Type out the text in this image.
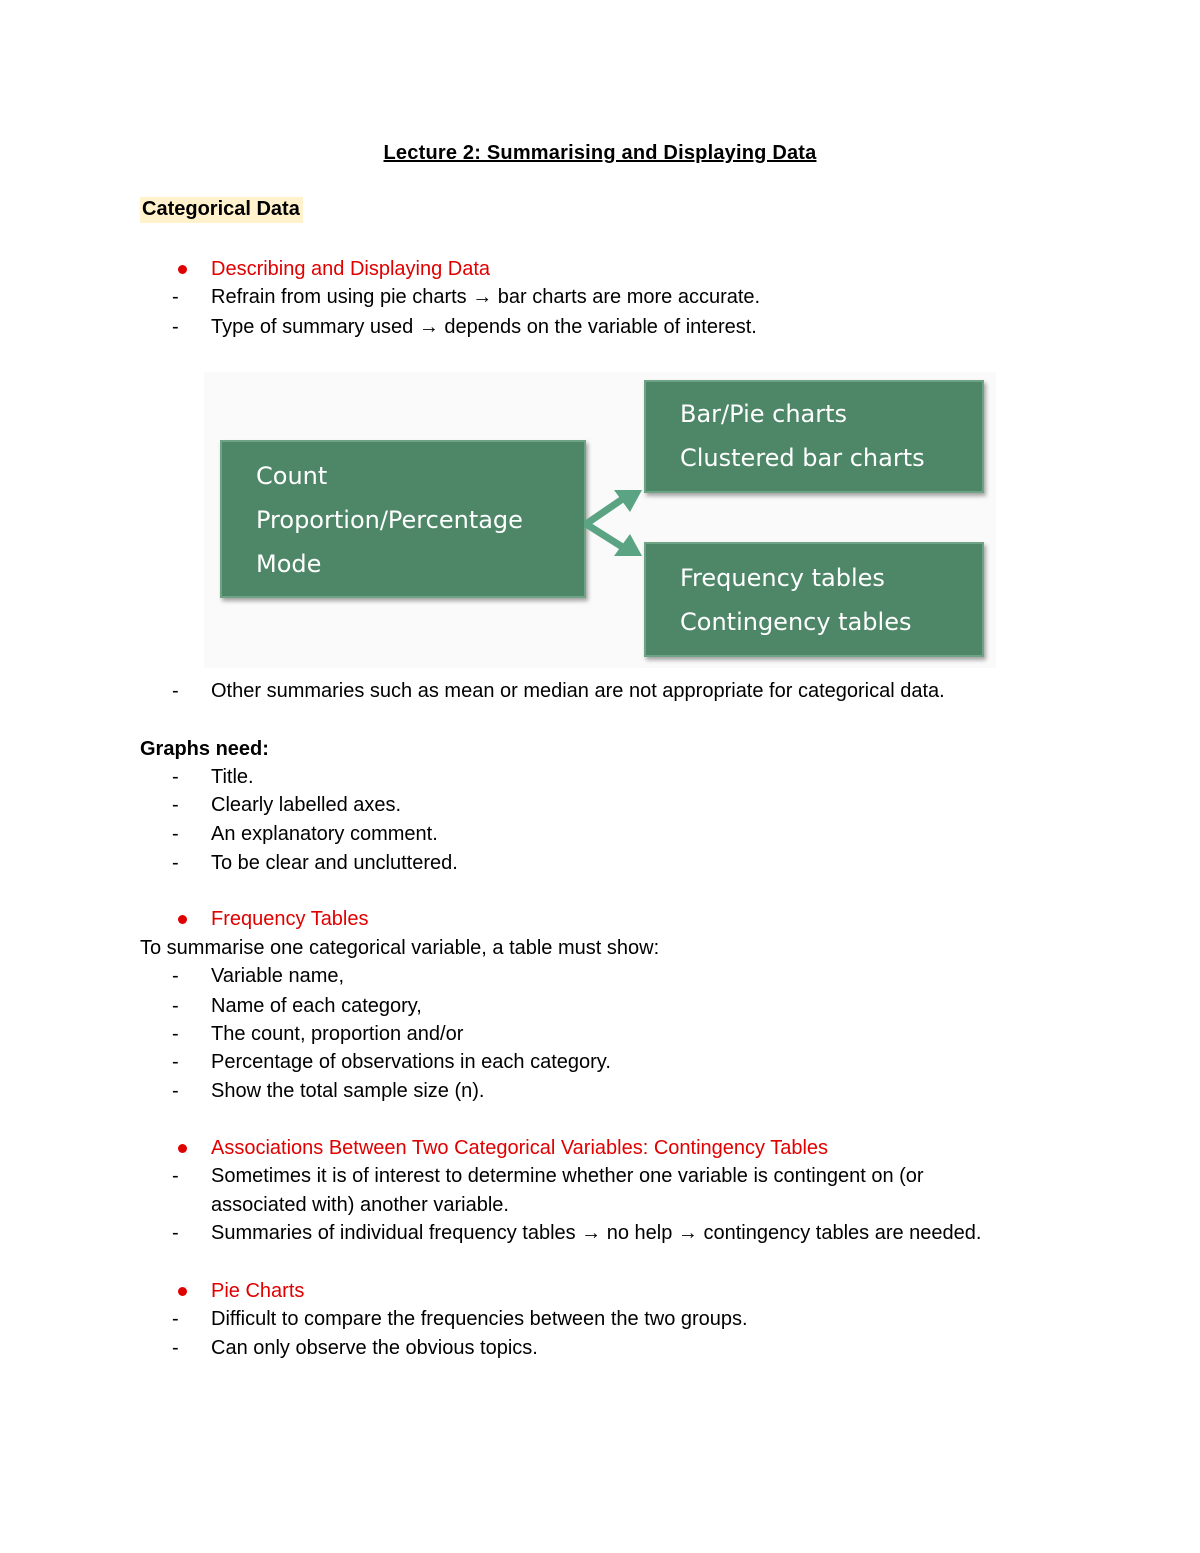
Lecture 2: Summarising and Displaying Data
Categorical Data
Describing and Displaying Data
- Refrain from using pie charts → bar charts are more accurate.
- Type of summary used → depends on the variable of interest.
Count
Proportion/Percentage
Mode
Bar/Pie charts
Clustered bar charts
Frequency tables
Contingency tables
- Other summaries such as mean or median are not appropriate for categorical data.
Graphs need:
- Title.
- Clearly labelled axes.
- An explanatory comment.
- To be clear and uncluttered.
Frequency Tables
To summarise one categorical variable, a table must show:
- Variable name,
- Name of each category,
- The count, proportion and/or
- Percentage of observations in each category.
- Show the total sample size (n).
Associations Between Two Categorical Variables: Contingency Tables
- Sometimes it is of interest to determine whether one variable is contingent on (or
associated with) another variable.
- Summaries of individual frequency tables → no help → contingency tables are needed.
Pie Charts
- Difficult to compare the frequencies between the two groups.
- Can only observe the obvious topics.
